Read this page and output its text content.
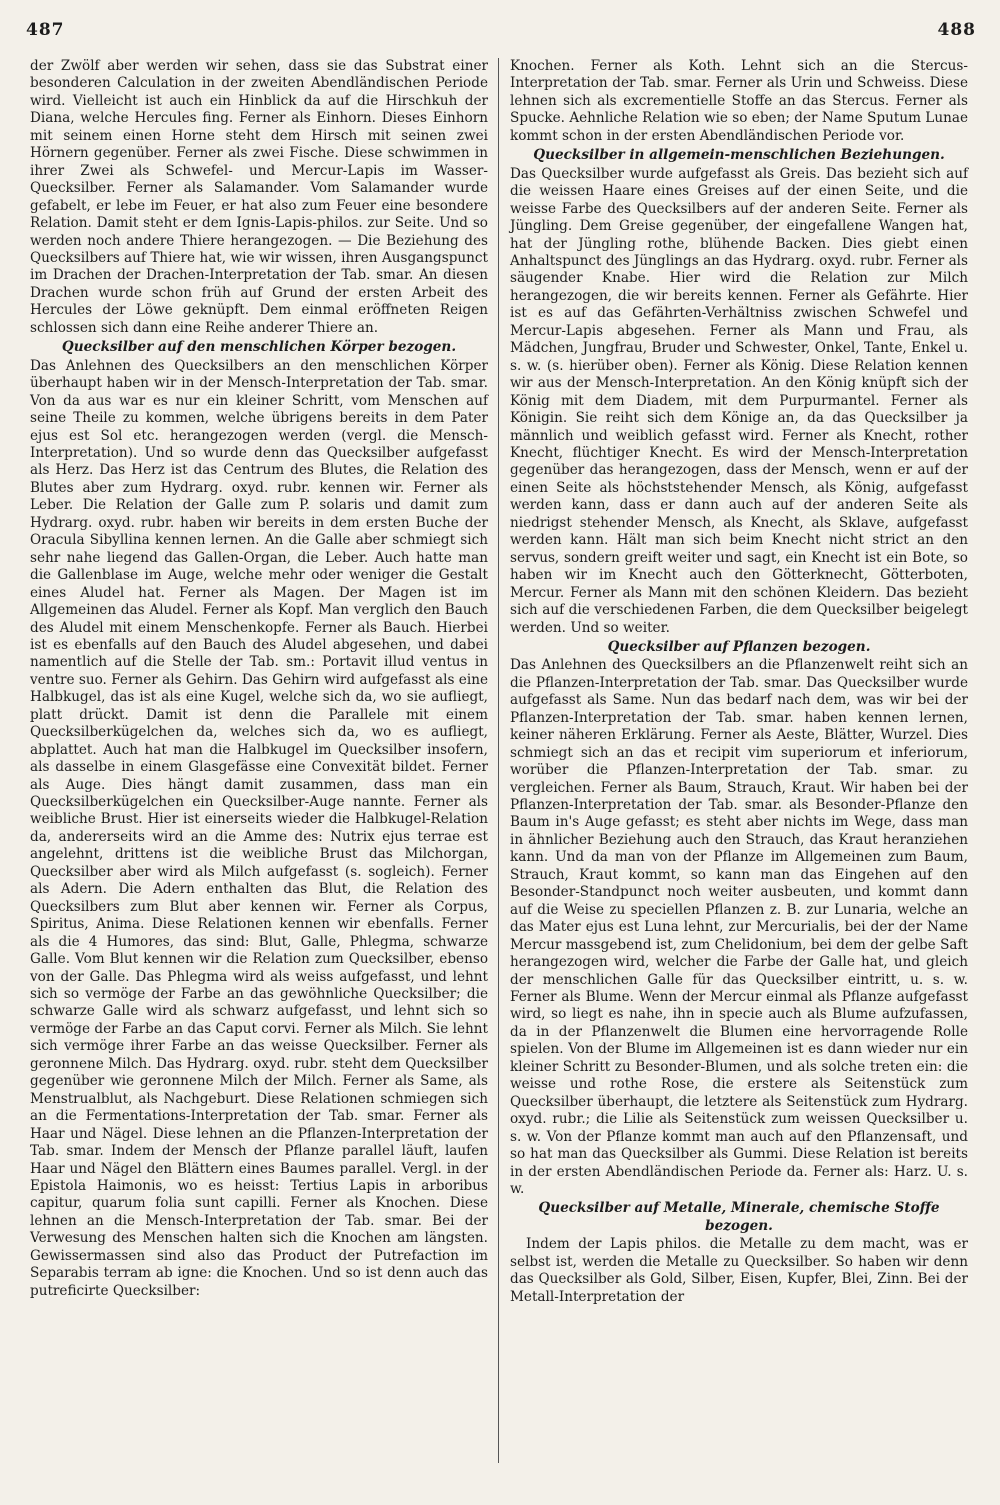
487	488

der Zwölf aber werden wir sehen, dass sie das Substrat einer besonderen Calculation in der zweiten Abendländischen Periode wird. Vielleicht ist auch ein Hinblick da auf die Hirschkuh der Diana, welche Hercules fing. Ferner als Einhorn. Dieses Einhorn mit seinem einen Horne steht dem Hirsch mit seinen zwei Hörnern gegenüber. Ferner als zwei Fische. Diese schwimmen in ihrer Zwei als Schwefel- und Mercur-Lapis im Wasser-Quecksilber. Ferner als Salamander. Vom Salamander wurde gefabelt, er lebe im Feuer, er hat also zum Feuer eine besondere Relation. Damit steht er dem Ignis-Lapis-philos. zur Seite. Und so werden noch andere Thiere herangezogen. — Die Beziehung des Quecksilbers auf Thiere hat, wie wir wissen, ihren Ausgangspunct im Drachen der Drachen-Interpretation der Tab. smar. An diesen Drachen wurde schon früh auf Grund der ersten Arbeit des Hercules der Löwe geknüpft. Dem einmal eröffneten Reigen schlossen sich dann eine Reihe anderer Thiere an.

Quecksilber auf den menschlichen Körper bezogen.

Das Anlehnen des Quecksilbers an den menschlichen Körper überhaupt haben wir in der Mensch-Interpretation der Tab. smar. Von da aus war es nur ein kleiner Schritt, vom Menschen auf seine Theile zu kommen, welche übrigens bereits in dem Pater ejus est Sol etc. herangezogen werden (vergl. die Mensch-Interpretation). Und so wurde denn das Quecksilber aufgefasst als Herz. Das Herz ist das Centrum des Blutes, die Relation des Blutes aber zum Hydrarg. oxyd. rubr. kennen wir. Ferner als Leber. Die Relation der Galle zum P. solaris und damit zum Hydrarg. oxyd. rubr. haben wir bereits in dem ersten Buche der Oracula Sibyllina kennen lernen. An die Galle aber schmiegt sich sehr nahe liegend das Gallen-Organ, die Leber. Auch hatte man die Gallenblase im Auge, welche mehr oder weniger die Gestalt eines Aludel hat. Ferner als Magen. Der Magen ist im Allgemeinen das Aludel. Ferner als Kopf. Man verglich den Bauch des Aludel mit einem Menschenkopfe. Ferner als Bauch. Hierbei ist es ebenfalls auf den Bauch des Aludel abgesehen, und dabei namentlich auf die Stelle der Tab. sm.: Portavit illud ventus in ventre suo. Ferner als Gehirn. Das Gehirn wird aufgefasst als eine Halbkugel, das ist als eine Kugel, welche sich da, wo sie aufliegt, platt drückt. Damit ist denn die Parallele mit einem Quecksilberkügelchen da, welches sich da, wo es aufliegt, abplattet. Auch hat man die Halbkugel im Quecksilber insofern, als dasselbe in einem Glasgefässe eine Convexität bildet. Ferner als Auge. Dies hängt damit zusammen, dass man ein Quecksilberkügelchen ein Quecksilber-Auge nannte. Ferner als weibliche Brust. Hier ist einerseits wieder die Halbkugel-Relation da, andererseits wird an die Amme des: Nutrix ejus terrae est angelehnt, drittens ist die weibliche Brust das Milchorgan, Quecksilber aber wird als Milch aufgefasst (s. sogleich). Ferner als Adern. Die Adern enthalten das Blut, die Relation des Quecksilbers zum Blut aber kennen wir. Ferner als Corpus, Spiritus, Anima. Diese Relationen kennen wir ebenfalls. Ferner als die 4 Humores, das sind: Blut, Galle, Phlegma, schwarze Galle. Vom Blut kennen wir die Relation zum Quecksilber, ebenso von der Galle. Das Phlegma wird als weiss aufgefasst, und lehnt sich so vermöge der Farbe an das gewöhnliche Quecksilber; die schwarze Galle wird als schwarz aufgefasst, und lehnt sich so vermöge der Farbe an das Caput corvi. Ferner als Milch. Sie lehnt sich vermöge ihrer Farbe an das weisse Quecksilber. Ferner als geronnene Milch. Das Hydrarg. oxyd. rubr. steht dem Quecksilber gegenüber wie geronnene Milch der Milch. Ferner als Same, als Menstrualblut, als Nachgeburt. Diese Relationen schmiegen sich an die Fermentations-Interpretation der Tab. smar. Ferner als Haar und Nägel. Diese lehnen an die Pflanzen-Interpretation der Tab. smar. Indem der Mensch der Pflanze parallel läuft, laufen Haar und Nägel den Blättern eines Baumes parallel. Vergl. in der Epistola Haimonis, wo es heisst: Tertius Lapis in arboribus capitur, quarum folia sunt capilli. Ferner als Knochen. Diese lehnen an die Mensch-Interpretation der Tab. smar. Bei der Verwesung des Menschen halten sich die Knochen am längsten. Gewissermassen sind also das Product der Putrefaction im Separabis terram ab igne: die Knochen. Und so ist denn auch das putreficirte Quecksilber:

Knochen. Ferner als Koth. Lehnt sich an die Stercus-Interpretation der Tab. smar. Ferner als Urin und Schweiss. Diese lehnen sich als excrementielle Stoffe an das Stercus. Ferner als Spucke. Aehnliche Relation wie so eben; der Name Sputum Lunae kommt schon in der ersten Abendländischen Periode vor.

Quecksilber in allgemein-menschlichen Beziehungen.

Das Quecksilber wurde aufgefasst als Greis. Das bezieht sich auf die weissen Haare eines Greises auf der einen Seite, und die weisse Farbe des Quecksilbers auf der anderen Seite. Ferner als Jüngling. Dem Greise gegenüber, der eingefallene Wangen hat, hat der Jüngling rothe, blühende Backen. Dies giebt einen Anhaltspunct des Jünglings an das Hydrarg. oxyd. rubr. Ferner als säugender Knabe. Hier wird die Relation zur Milch herangezogen, die wir bereits kennen. Ferner als Gefährte. Hier ist es auf das Gefährten-Verhältniss zwischen Schwefel und Mercur-Lapis abgesehen. Ferner als Mann und Frau, als Mädchen, Jungfrau, Bruder und Schwester, Onkel, Tante, Enkel u. s. w. (s. hierüber oben). Ferner als König. Diese Relation kennen wir aus der Mensch-Interpretation. An den König knüpft sich der König mit dem Diadem, mit dem Purpurmantel. Ferner als Königin. Sie reiht sich dem Könige an, da das Quecksilber ja männlich und weiblich gefasst wird. Ferner als Knecht, rother Knecht, flüchtiger Knecht. Es wird der Mensch-Interpretation gegenüber das herangezogen, dass der Mensch, wenn er auf der einen Seite als höchststehender Mensch, als König, aufgefasst werden kann, dass er dann auch auf der anderen Seite als niedrigst stehender Mensch, als Knecht, als Sklave, aufgefasst werden kann. Hält man sich beim Knecht nicht strict an den servus, sondern greift weiter und sagt, ein Knecht ist ein Bote, so haben wir im Knecht auch den Götterknecht, Götterboten, Mercur. Ferner als Mann mit den schönen Kleidern. Das bezieht sich auf die verschiedenen Farben, die dem Quecksilber beigelegt werden. Und so weiter.

Quecksilber auf Pflanzen bezogen.

Das Anlehnen des Quecksilbers an die Pflanzenwelt reiht sich an die Pflanzen-Interpretation der Tab. smar. Das Quecksilber wurde aufgefasst als Same. Nun das bedarf nach dem, was wir bei der Pflanzen-Interpretation der Tab. smar. haben kennen lernen, keiner näheren Erklärung. Ferner als Aeste, Blätter, Wurzel. Dies schmiegt sich an das et recipit vim superiorum et inferiorum, worüber die Pflanzen-Interpretation der Tab. smar. zu vergleichen. Ferner als Baum, Strauch, Kraut. Wir haben bei der Pflanzen-Interpretation der Tab. smar. als Besonder-Pflanze den Baum in's Auge gefasst; es steht aber nichts im Wege, dass man in ähnlicher Beziehung auch den Strauch, das Kraut heranziehen kann. Und da man von der Pflanze im Allgemeinen zum Baum, Strauch, Kraut kommt, so kann man das Eingehen auf den Besonder-Standpunct noch weiter ausbeuten, und kommt dann auf die Weise zu speciellen Pflanzen z. B. zur Lunaria, welche an das Mater ejus est Luna lehnt, zur Mercurialis, bei der der Name Mercur massgebend ist, zum Chelidonium, bei dem der gelbe Saft herangezogen wird, welcher die Farbe der Galle hat, und gleich der menschlichen Galle für das Quecksilber eintritt, u. s. w. Ferner als Blume. Wenn der Mercur einmal als Pflanze aufgefasst wird, so liegt es nahe, ihn in specie auch als Blume aufzufassen, da in der Pflanzenwelt die Blumen eine hervorragende Rolle spielen. Von der Blume im Allgemeinen ist es dann wieder nur ein kleiner Schritt zu Besonder-Blumen, und als solche treten ein: die weisse und rothe Rose, die erstere als Seitenstück zum Quecksilber überhaupt, die letztere als Seitenstück zum Hydrarg. oxyd. rubr.; die Lilie als Seitenstück zum weissen Quecksilber u. s. w. Von der Pflanze kommt man auch auf den Pflanzensaft, und so hat man das Quecksilber als Gummi. Diese Relation ist bereits in der ersten Abendländischen Periode da. Ferner als: Harz. U. s. w.

Quecksilber auf Metalle, Minerale, chemische Stoffe bezogen.

Indem der Lapis philos. die Metalle zu dem macht, was er selbst ist, werden die Metalle zu Quecksilber. So haben wir denn das Quecksilber als Gold, Silber, Eisen, Kupfer, Blei, Zinn. Bei der Metall-Interpretation der
